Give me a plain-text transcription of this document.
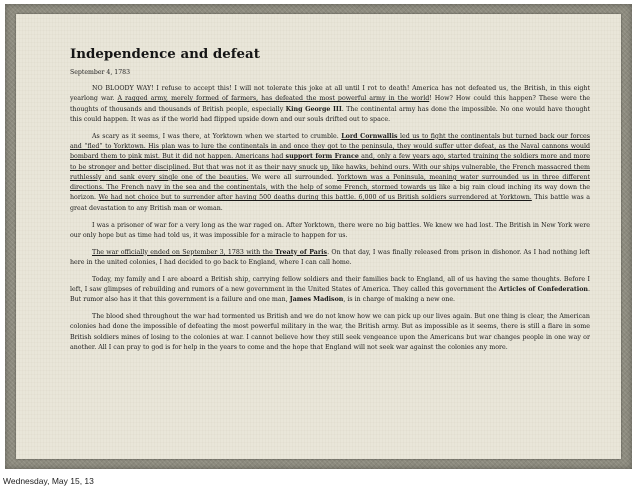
Independence and defeat
September 4, 1783

NO BLOODY WAY! I refuse to accept this! I will not tolerate this joke at all until I rot to death! America has not defeated us, the British, in this eight yearlong war. A ragged army, merely formed of farmers, has defeated the most powerful army in the world! How? How could this happen? These were the thoughts of thousands and thousands of British people, especially King George III. The continental army has done the impossible. No one would have thought this could happen. It was as if the world had flipped upside down and our souls drifted out to space.

As scary as it seems, I was there, at Yorktown when we started to crumble. Lord Cornwallis led us to fight the continentals but turned back our forces and “fled” to Yorktown. His plan was to lure the continentals in and once they got to the peninsula, they would suffer utter defeat, as the Naval cannons would bombard them to pink mist. But it did not happen. Americans had support form France and, only a few years ago, started training the soldiers more and more to be stronger and better disciplined. But that was not it as their navy snuck up, like hawks, behind ours. With our ships vulnerable, the French massacred them ruthlessly and sank every single one of the beauties. We were all surrounded. Yorktown was a Peninsula, meaning water surrounded us in three different directions. The French navy in the sea and the continentals, with the help of some French, stormed towards us like a big rain cloud inching its way down the horizon. We had not choice but to surrender after having 500 deaths during this battle. 6,000 of us British soldiers surrendered at Yorktown. This battle was a great devastation to any British man or woman.

I was a prisoner of war for a very long as the war raged on. After Yorktown, there were no big battles. We knew we had lost. The British in New York were our only hope but as time had told us, it was impossible for a miracle to happen for us.

The war officially ended on September 3, 1783 with the Treaty of Paris. On that day, I was finally released from prison in dishonor. As I had nothing left here in the united colonies, I had decided to go back to England, where I can call home.

Today, my family and I are aboard a British ship, carrying fellow soldiers and their families back to England, all of us having the same thoughts. Before I left, I saw glimpses of rebuilding and rumors of a new government in the United States of America. They called this government the Articles of Confederation. But rumor also has it that this government is a failure and one man, James Madison, is in charge of making a new one.

The blood shed throughout the war had tormented us British and we do not know how we can pick up our lives again. But one thing is clear, the American colonies had done the impossible of defeating the most powerful military in the war, the British army. But as impossible as it seems, there is still a flare in some British soldiers mines of losing to the colonies at war. I cannot believe how they still seek vengeance upon the Americans but war changes people in one way or another. All I can pray to god is for help in the years to come and the hope that England will not seek war against the colonies any more.

Wednesday, May 15, 13
